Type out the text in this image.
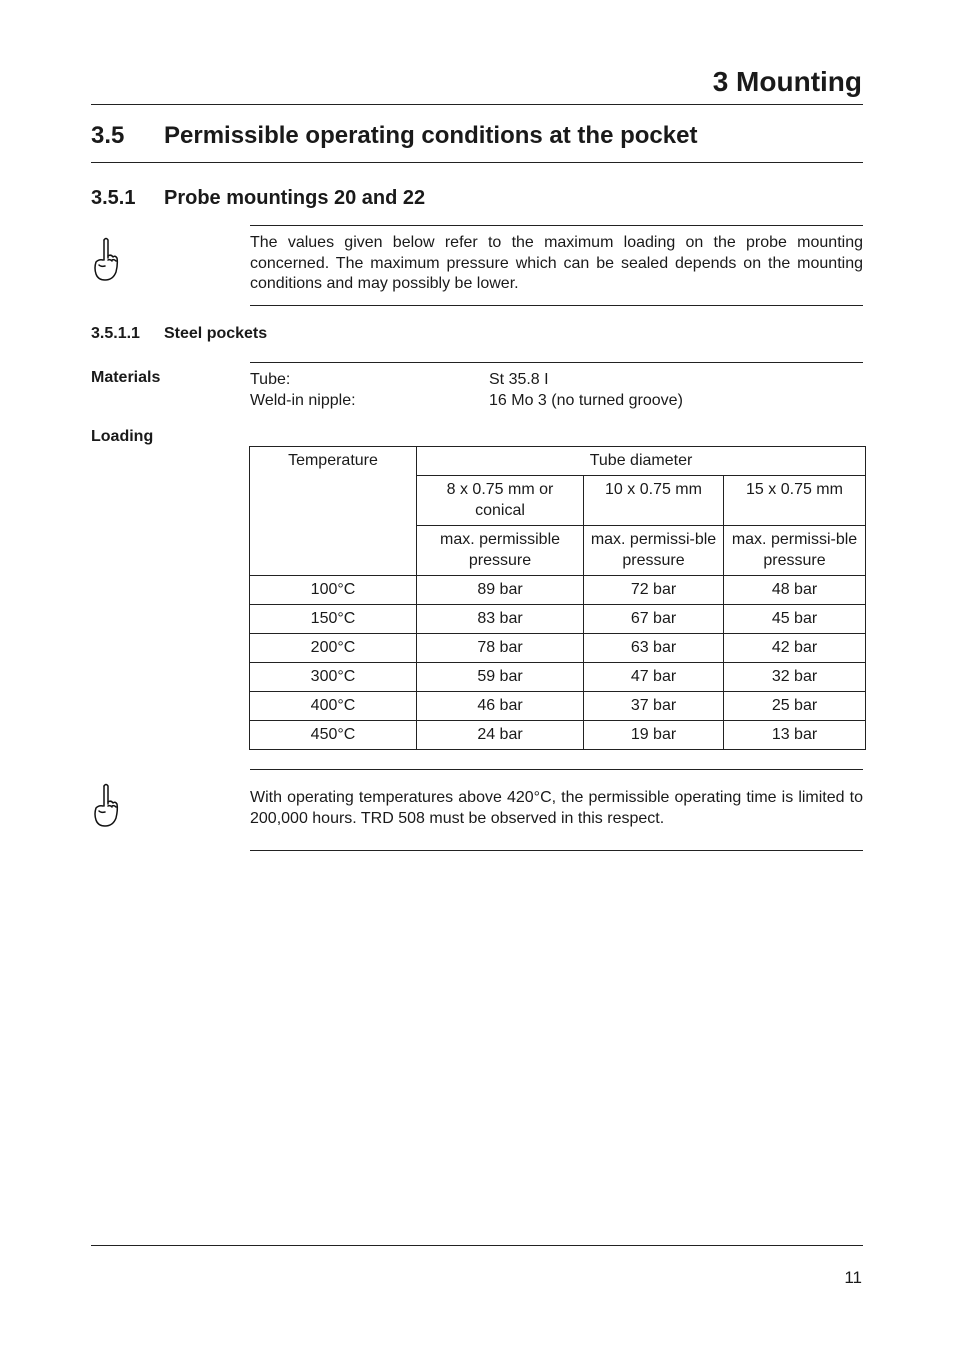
3 Mounting
3.5 Permissible operating conditions at the pocket
3.5.1 Probe mountings 20 and 22
The values given below refer to the maximum loading on the probe mounting concerned. The maximum pressure which can be sealed depends on the mounting conditions and may possibly be lower.
3.5.1.1 Steel pockets
Materials	Tube:	St 35.8 I
Weld-in nipple:	16 Mo 3 (no turned groove)
Loading
Temperature	Tube diameter		
	8 x 0.75 mm or conical	10 x 0.75 mm	15 x 0.75 mm
	max. permissible pressure	max. permissi-ble pressure	max. permissi-ble pressure
100°C	89 bar	72 bar	48 bar
150°C	83 bar	67 bar	45 bar
200°C	78 bar	63 bar	42 bar
300°C	59 bar	47 bar	32 bar
400°C	46 bar	37 bar	25 bar
450°C	24 bar	19 bar	13 bar
With operating temperatures above 420°C, the permissible operating time is limited to 200,000 hours. TRD 508 must be observed in this respect.
11
